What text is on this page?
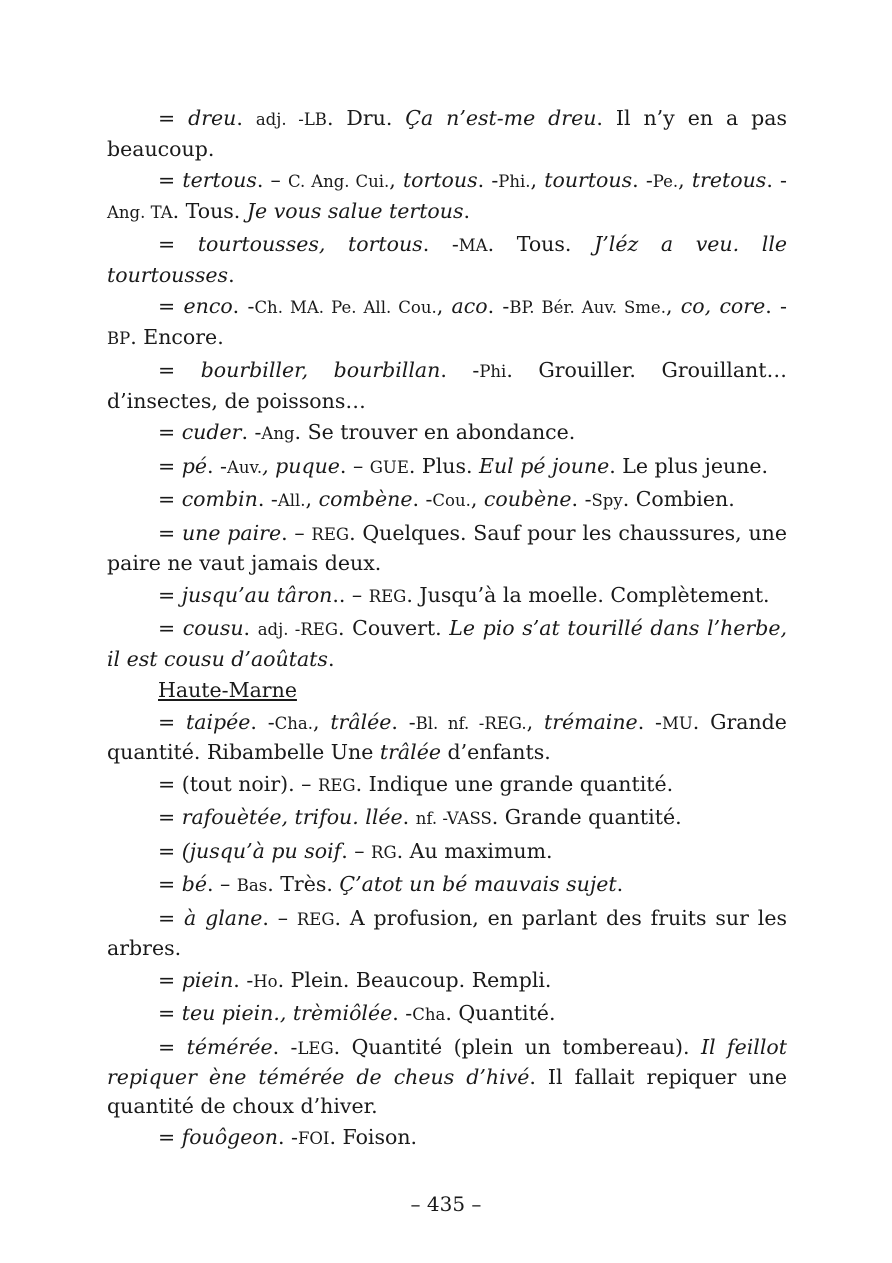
= dreu. adj. -LB. Dru. Ça n’est-me dreu. Il n’y en a pas beaucoup.

= tertous. – C. Ang. Cui., tortous. -Phi., tourtous. -Pe., tretous. -Ang. TA. Tous. Je vous salue tertous.

= tourtousses, tortous. -MA. Tous. J’léz a veu. lle tourtousses.

= enco. -Ch. MA. Pe. All. Cou., aco. -BP. Bér. Auv. Sme., co, core. -BP. Encore.

= bourbiller, bourbillan. -Phi. Grouiller. Grouillant… d’insectes, de poissons…

= cuder. -Ang. Se trouver en abondance.

= pé. -Auv., puque. – GUE. Plus. Eul pé joune. Le plus jeune.

= combin. -All., combène. -Cou., coubène. -Spy. Combien.

= une paire. – REG. Quelques. Sauf pour les chaussures, une paire ne vaut jamais deux.

= jusqu’au târon.. – REG. Jusqu’à la moelle. Complètement.

= cousu. adj. -REG. Couvert. Le pio s’at tourillé dans l’herbe, il est cousu d’aoûtats.

Haute-Marne

= taipée. -Cha., trâlée. -Bl. nf. -REG., trémaine. -MU. Grande quantité. Ribambelle Une trâlée d’enfants.

= (tout noir). – REG. Indique une grande quantité.

= rafouètée, trifou. llée. nf. -VASS. Grande quantité.

= (jusqu’à pu soif. – RG. Au maximum.

= bé. – Bas. Très. Ç’atot un bé mauvais sujet.

= à glane. – REG. A profusion, en parlant des fruits sur les arbres.

= piein. -Ho. Plein. Beaucoup. Rempli.

= teu piein., trèmiôlée. -Cha. Quantité.

= témérée. -LEG. Quantité (plein un tombereau). Il feillot repiquer ène témérée de cheus d’hivé. Il fallait repiquer une quantité de choux d’hiver.

= fouôgeon. -FOI. Foison.

– 435 –
